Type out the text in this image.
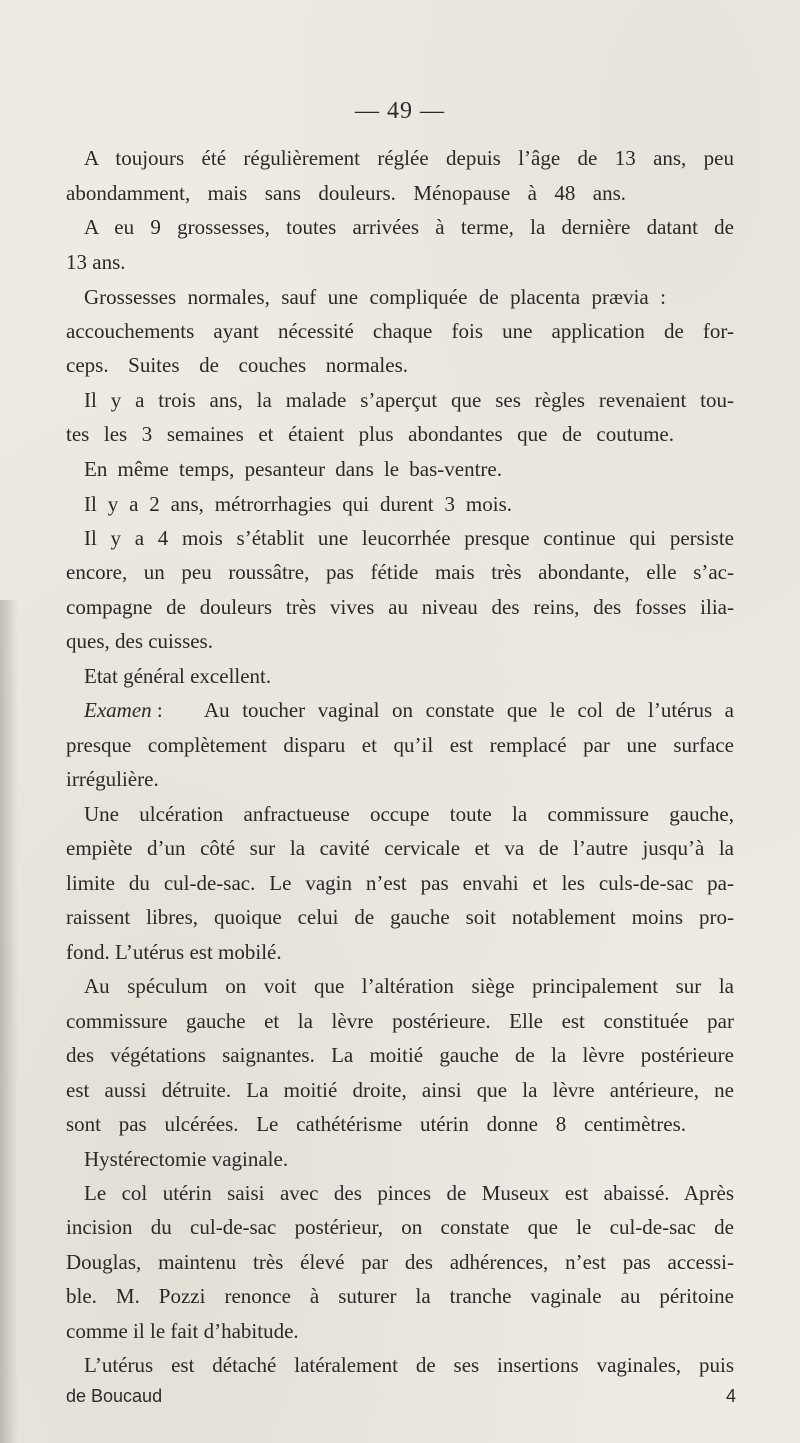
— 49 —
A toujours été régulièrement réglée depuis l’âge de 13 ans, peu
abondamment, mais sans douleurs. Ménopause à 48 ans.
A eu 9 grossesses, toutes arrivées à terme, la dernière datant de
13 ans.
Grossesses normales, sauf une compliquée de placenta prævia :
accouchements ayant nécessité chaque fois une application de for-
ceps. Suites de couches normales.
Il y a trois ans, la malade s’aperçut que ses règles revenaient tou-
tes les 3 semaines et étaient plus abondantes que de coutume.
En même temps, pesanteur dans le bas-ventre.
Il y a 2 ans, métrorrhagies qui durent 3 mois.
Il y a 4 mois s’établit une leucorrhée presque continue qui persiste
encore, un peu roussâtre, pas fétide mais très abondante, elle s’ac-
compagne de douleurs très vives au niveau des reins, des fosses ilia-
ques, des cuisses.
Etat général excellent.
Examen :	Au toucher vaginal on constate que le col de l’utérus a
presque complètement disparu et qu’il est remplacé par une surface
irrégulière.
Une ulcération anfractueuse occupe toute la commissure gauche,
empiète d’un côté sur la cavité cervicale et va de l’autre jusqu’à la
limite du cul-de-sac. Le vagin n’est pas envahi et les culs-de-sac pa-
raissent libres, quoique celui de gauche soit notablement moins pro-
fond. L’utérus est mobilé.
Au spéculum on voit que l’altération siège principalement sur la
commissure gauche et la lèvre postérieure. Elle est constituée par
des végétations saignantes. La moitié gauche de la lèvre postérieure
est aussi détruite. La moitié droite, ainsi que la lèvre antérieure, ne
sont pas ulcérées. Le cathétérisme utérin donne 8 centimètres.
Hystérectomie vaginale.
Le col utérin saisi avec des pinces de Museux est abaissé. Après
incision du cul-de-sac postérieur, on constate que le cul-de-sac de
Douglas, maintenu très élevé par des adhérences, n’est pas accessi-
ble. M. Pozzi renonce à suturer la tranche vaginale au péritoine
comme il le fait d’habitude.
L’utérus est détaché latéralement de ses insertions vaginales, puis
de Boucaud	4
